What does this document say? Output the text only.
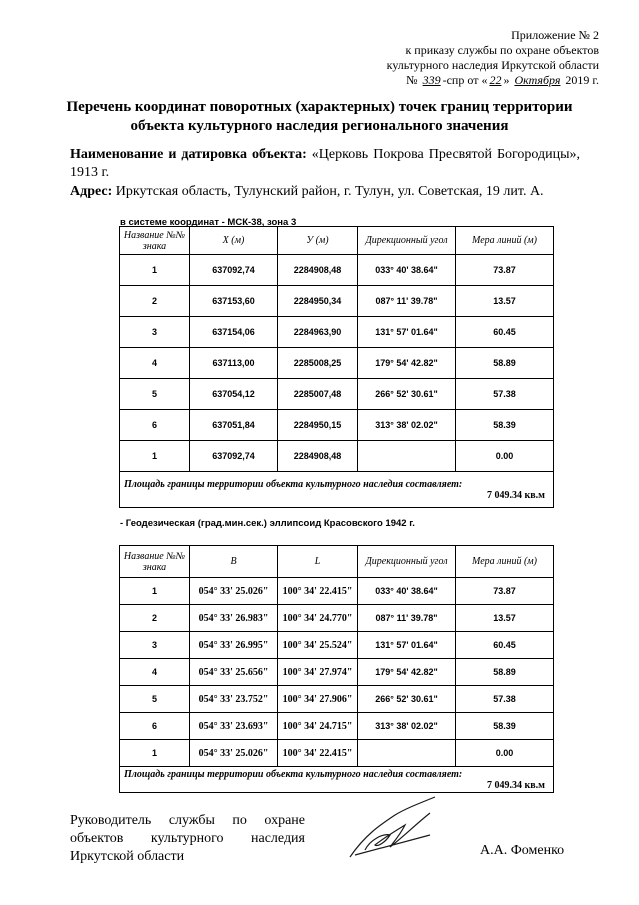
Приложение № 2
к приказу службы по охране объектов
культурного наследия Иркутской области
№ 339 -спр от « 22 » Октября 2019 г.
Перечень координат поворотных (характерных) точек границ территории
объекта культурного наследия регионального значения
Наименование и датировка объекта: «Церковь Покрова Пресвятой Богородицы», 1913 г.
Адрес: Иркутская область, Тулунский район, г. Тулун, ул. Советская, 19 лит. А.
в системе координат - МСК-38, зона 3
Название №№ знака	X (м)	У (м)	Дирекционный угол	Мера линий (м)
1	637092,74	2284908,48	033° 40' 38.64"	73.87
2	637153,60	2284950,34	087° 11' 39.78"	13.57
3	637154,06	2284963,90	131° 57' 01.64"	60.45
4	637113,00	2285008,25	179° 54' 42.82"	58.89
5	637054,12	2285007,48	266° 52' 30.61"	57.38
6	637051,84	2284950,15	313° 38' 02.02"	58.39
1	637092,74	2284908,48		0.00

Площадь границы территории объекта культурного наследия составляет:
7 049.34 кв.м				
- Геодезическая (град.мин.сек.) эллипсоид Красовского 1942 г.
Название №№ знака	B	L	Дирекционный угол	Мера линий (м)
1	054° 33' 25.026"	100° 34' 22.415"	033° 40' 38.64"	73.87
2	054° 33' 26.983"	100° 34' 24.770"	087° 11' 39.78"	13.57
3	054° 33' 26.995"	100° 34' 25.524"	131° 57' 01.64"	60.45
4	054° 33' 25.656"	100° 34' 27.974"	179° 54' 42.82"	58.89
5	054° 33' 23.752"	100° 34' 27.906"	266° 52' 30.61"	57.38
6	054° 33' 23.693"	100° 34' 24.715"	313° 38' 02.02"	58.39
1	054° 33' 25.026"	100° 34' 22.415"		0.00

Площадь границы территории объекта культурного наследия составляет:
7 049.34 кв.м				
Руководитель службы по охране объектов культурного наследия Иркутской области	А.А. Фоменко
